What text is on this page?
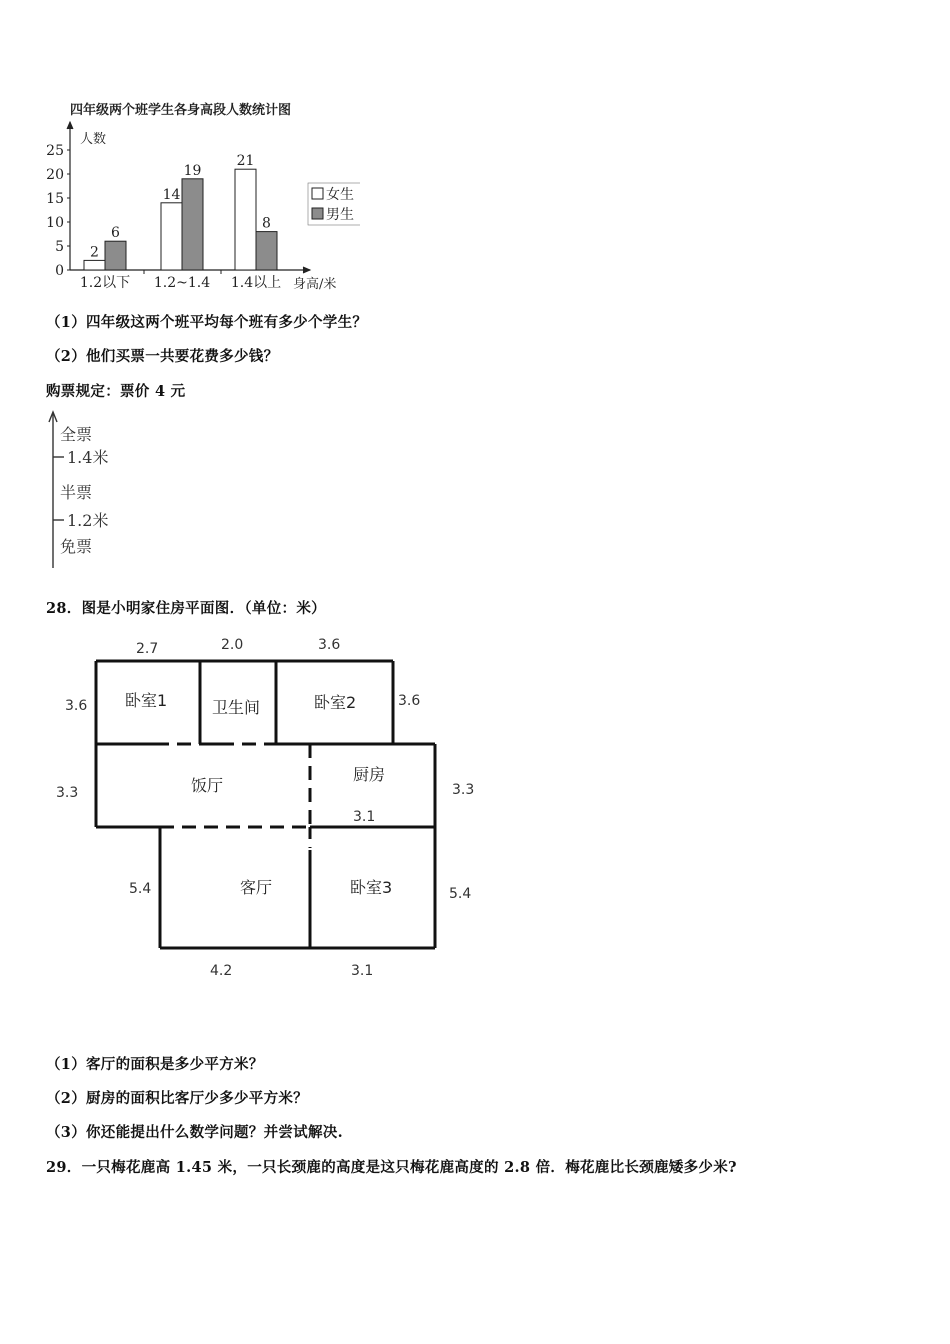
四年级两个班学生各身高段人数统计图
人数
身高/米
0
5
10
15
20
25
2
6
14
19
21
8
1.2以下 1.2~1.4 1.4以上
女生
男生
（1）四年级这两个班平均每个班有多少个学生？
（2）他们买票一共要花费多少钱？
购票规定：票价 4 元
全票
1.4米
半票
1.2米
免票
28．图是小明家住房平面图．（单位：米）
卧室1	卫生间	卧室2
饭厅
厨房
客厅	卧室3
2.7	2.0	3.6
3.6	3.6
3.3	3.3
3.1
5.4	5.4
4.2	3.1
（1）客厅的面积是多少平方米？
（2）厨房的面积比客厅少多少平方米？
（3）你还能提出什么数学问题？并尝试解决.
29．一只梅花鹿高 1.45 米，一只长颈鹿的高度是这只梅花鹿高度的 2.8 倍．梅花鹿比长颈鹿矮多少米?
